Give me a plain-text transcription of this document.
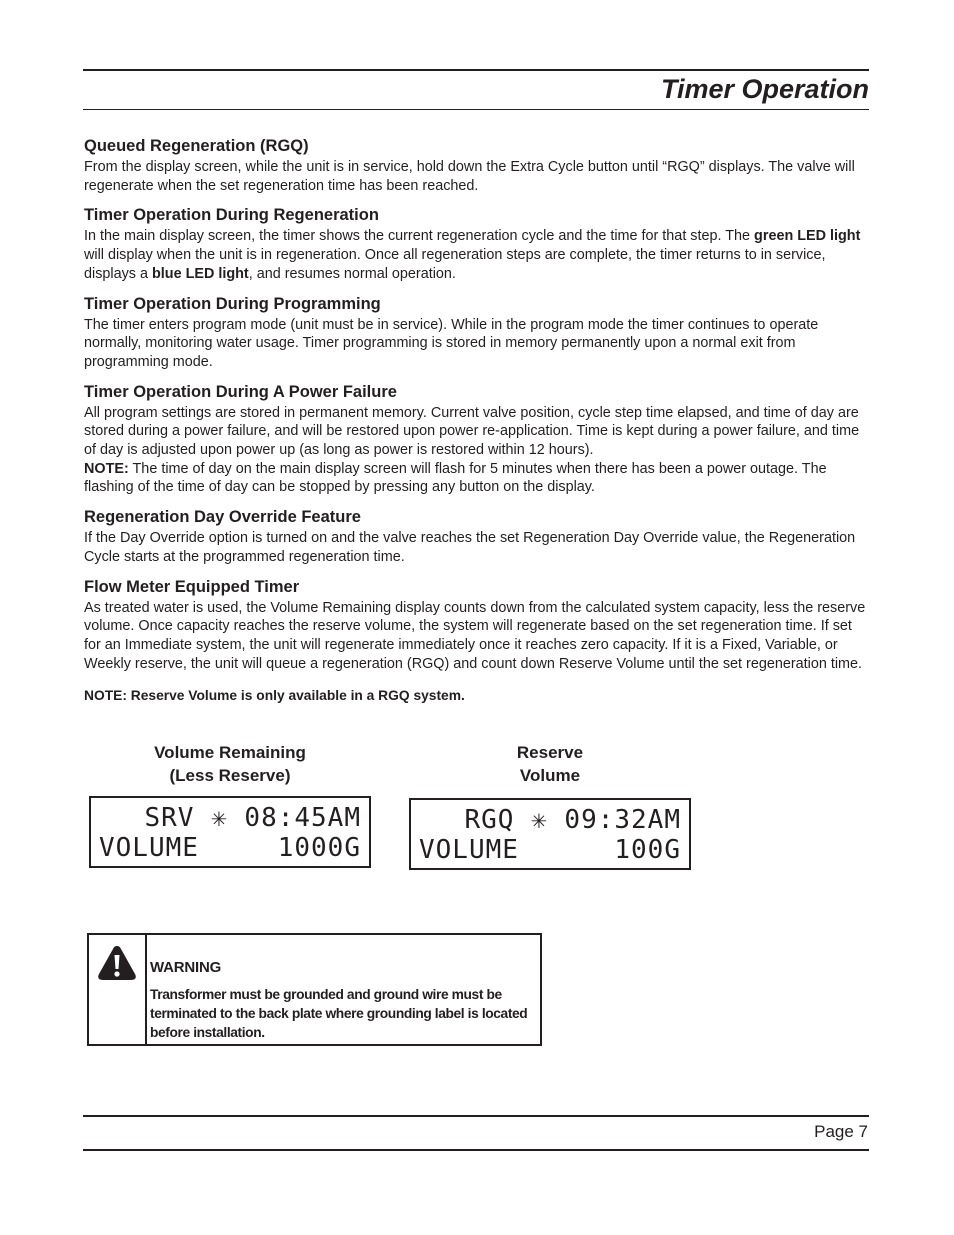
Timer Operation
Queued Regeneration (RGQ)

From the display screen, while the unit is in service, hold down the Extra Cycle button until “RGQ” displays. The valve will regenerate when the set regeneration time has been reached.

Timer Operation During Regeneration

In the main display screen, the timer shows the current regeneration cycle and the time for that step. The green LED light will display when the unit is in regeneration. Once all regeneration steps are complete, the timer returns to in service, displays a blue LED light, and resumes normal operation.

Timer Operation During Programming

The timer enters program mode (unit must be in service). While in the program mode the timer continues to operate normally, monitoring water usage. Timer programming is stored in memory permanently upon a normal exit from programming mode.

Timer Operation During A Power Failure

All program settings are stored in permanent memory. Current valve position, cycle step time elapsed, and time of day are stored during a power failure, and will be restored upon power re-application. Time is kept during a power failure, and time of day is adjusted upon power up (as long as power is restored within 12 hours).

NOTE: The time of day on the main display screen will flash for 5 minutes when there has been a power outage. The flashing of the time of day can be stopped by pressing any button on the display.

Regeneration Day Override Feature

If the Day Override option is turned on and the valve reaches the set Regeneration Day Override value, the Regeneration Cycle starts at the programmed regeneration time.

Flow Meter Equipped Timer

As treated water is used, the Volume Remaining display counts down from the calculated system capacity, less the reserve volume. Once capacity reaches the reserve volume, the system will regenerate based on the set regeneration time. If set for an Immediate system, the unit will regenerate immediately once it reaches zero capacity. If it is a Fixed, Variable, or Weekly reserve, the unit will queue a regeneration (RGQ) and count down Reserve Volume until the set regeneration time.

NOTE: Reserve Volume is only available in a RGQ system.

Volume Remaining
(Less Reserve)
Reserve
Volume
SRV ✳ 08:45AM
VOLUME	1000G
RGQ ✳ 09:32AM
VOLUME	100G
WARNING
Transformer must be grounded and ground wire must be terminated to the back plate where grounding label is located before installation.
Page 7
